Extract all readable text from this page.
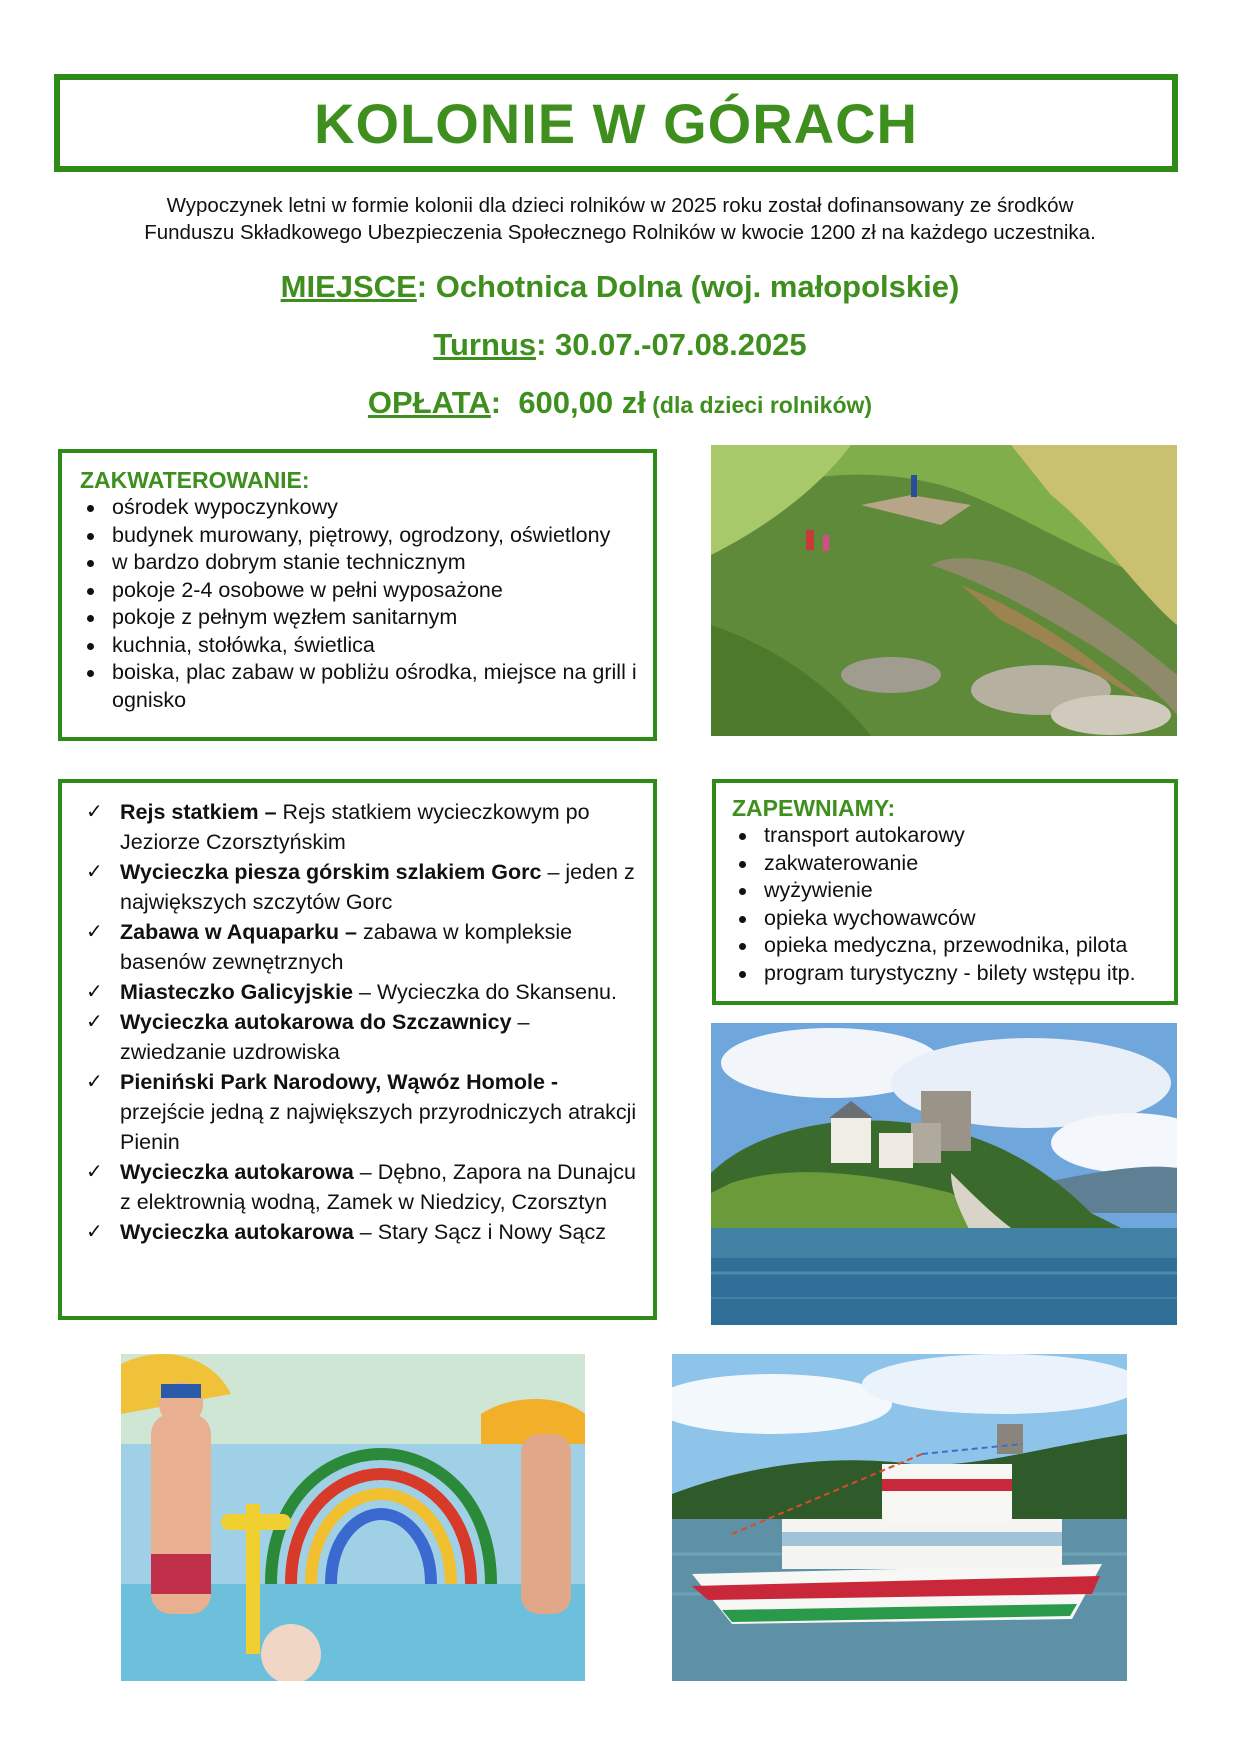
KOLONIE W GÓRACH
Wypoczynek letni w formie kolonii dla dzieci rolników w 2025 roku został dofinansowany ze środków
Funduszu Składkowego Ubezpieczenia Społecznego Rolników w kwocie 1200 zł na każdego uczestnika.
MIEJSCE: Ochotnica Dolna (woj. małopolskie)
Turnus: 30.07.-07.08.2025
OPŁATA:  600,00 zł (dla dzieci rolników)
ZAKWATEROWANIE:
ośrodek wypoczynkowy
budynek murowany, piętrowy, ogrodzony, oświetlony
w bardzo dobrym stanie technicznym
pokoje 2-4 osobowe w pełni wyposażone
pokoje z pełnym węzłem sanitarnym
kuchnia, stołówka, świetlica
boiska, plac zabaw w pobliżu ośrodka, miejsce na grill i ognisko
✓ Rejs statkiem – Rejs statkiem wycieczkowym po Jeziorze Czorsztyńskim
✓ Wycieczka piesza górskim szlakiem Gorc – jeden z największych szczytów Gorc
✓ Zabawa w Aquaparku – zabawa w kompleksie basenów zewnętrznych
✓ Miasteczko Galicyjskie – Wycieczka do Skansenu.
✓ Wycieczka autokarowa do Szczawnicy – zwiedzanie uzdrowiska
✓ Pieniński Park Narodowy, Wąwóz Homole - przejście jedną z największych przyrodniczych atrakcji Pienin
✓ Wycieczka autokarowa – Dębno, Zapora na Dunajcu z elektrownią wodną, Zamek w Niedzicy, Czorsztyn
✓ Wycieczka autokarowa – Stary Sącz i Nowy Sącz
ZAPEWNIAMY:
transport autokarowy
zakwaterowanie
wyżywienie
opieka wychowawców
opieka medyczna, przewodnika, pilota
program turystyczny - bilety wstępu itp.
